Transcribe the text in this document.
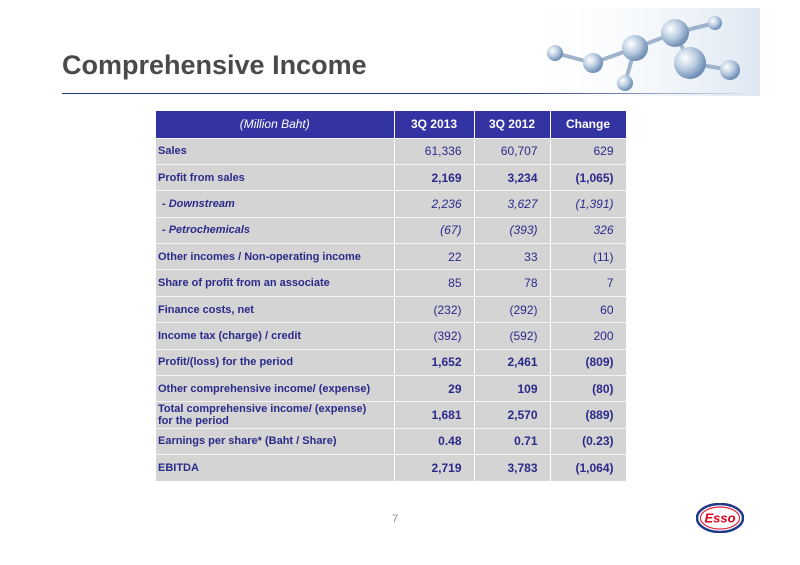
Comprehensive Income
(Million Baht)	3Q 2013	3Q 2012	Change
Sales	61,336	60,707	629
Profit from sales	2,169	3,234	(1,065)
- Downstream	2,236	3,627	(1,391)
- Petrochemicals	(67)	(393)	326
Other incomes / Non-operating income	22	33	(11)
Share of profit from an associate	85	78	7
Finance costs, net	(232)	(292)	60
Income tax (charge) / credit	(392)	(592)	200
Profit/(loss) for the period	1,652	2,461	(809)
Other comprehensive income/ (expense)	29	109	(80)
Total comprehensive income/ (expense) for the period	1,681	2,570	(889)
Earnings per share* (Baht / Share)	0.48	0.71	(0.23)
EBITDA	2,719	3,783	(1,064)
7	Esso
